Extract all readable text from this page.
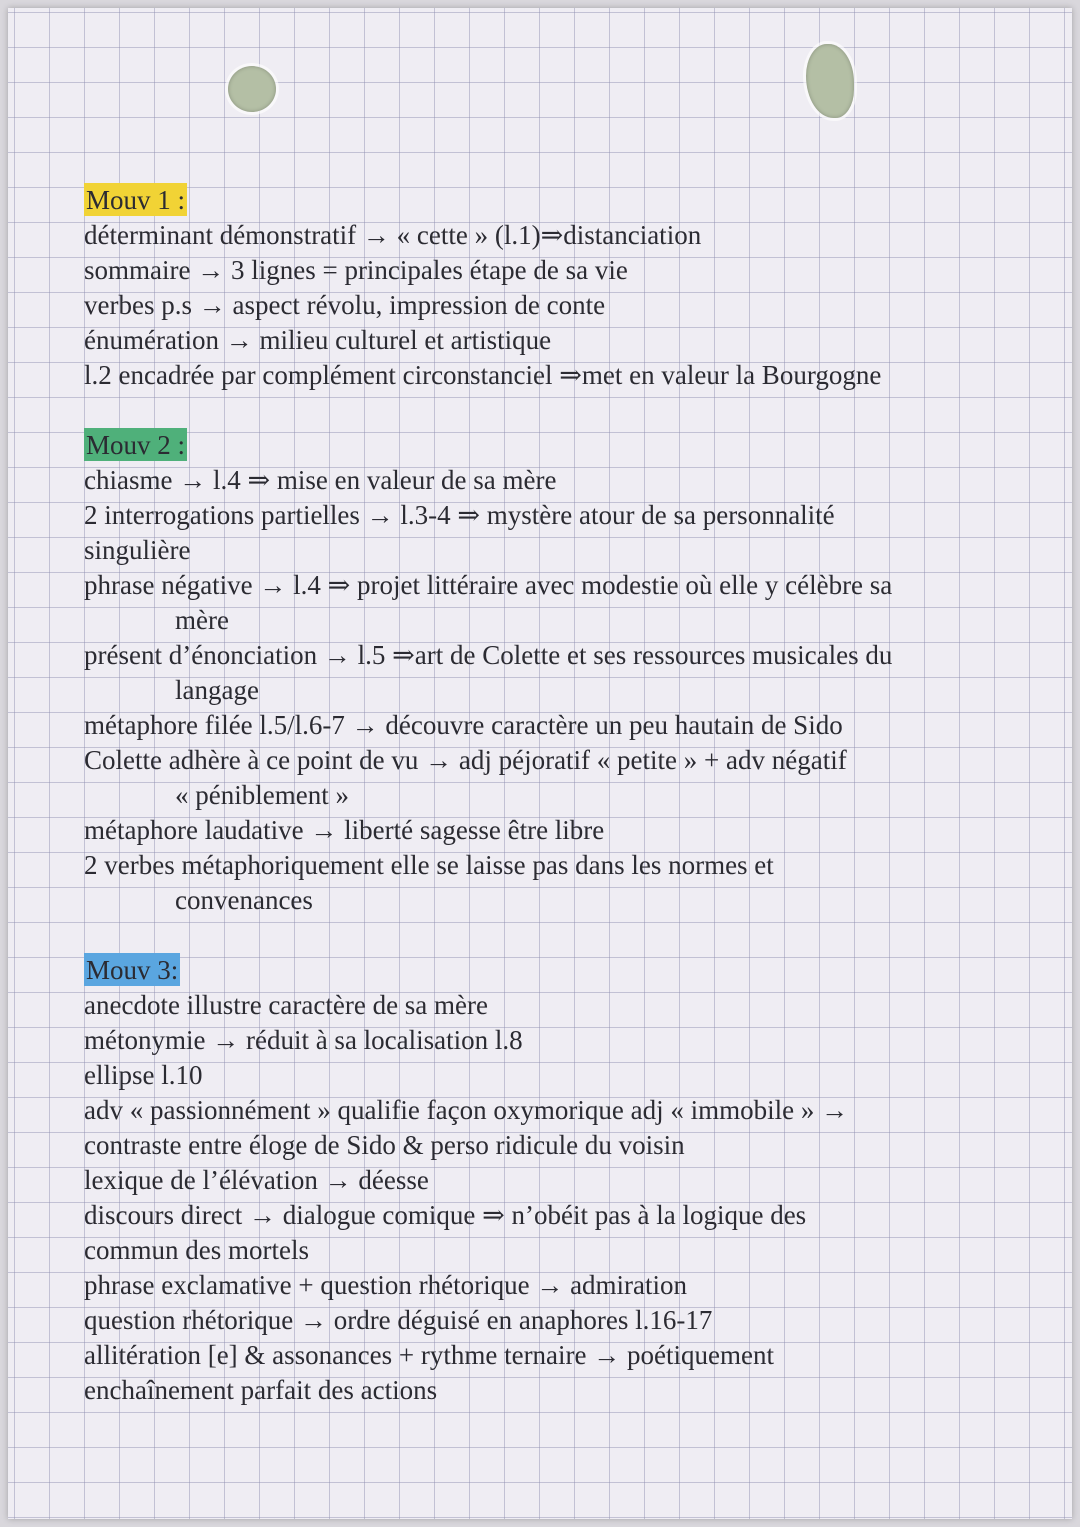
Mouv 1 :
déterminant démonstratif → « cette » (l.1)⇒distanciation
sommaire → 3 lignes = principales étape de sa vie
verbes p.s → aspect révolu, impression de conte
énumération → milieu culturel et artistique
l.2 encadrée par complément circonstanciel ⇒met en valeur la Bourgogne
Mouv 2 :
chiasme → l.4 ⇒ mise en valeur de sa mère
2 interrogations partielles → l.3-4 ⇒ mystère atour de sa personnalité
singulière
phrase négative → l.4 ⇒ projet littéraire avec modestie où elle y célèbre sa
mère
présent d’énonciation → l.5 ⇒art de Colette et ses ressources musicales du
langage
métaphore filée l.5/l.6-7 → découvre caractère un peu hautain de Sido
Colette adhère à ce point de vu → adj péjoratif « petite » + adv négatif
« péniblement »
métaphore laudative → liberté sagesse être libre
2 verbes métaphoriquement elle se laisse pas dans les normes et
convenances
Mouv 3:
anecdote illustre caractère de sa mère
métonymie → réduit à sa localisation l.8
ellipse l.10
adv « passionnément » qualifie façon oxymorique adj « immobile » →
contraste entre éloge de Sido & perso ridicule du voisin
lexique de l’élévation → déesse
discours direct → dialogue comique ⇒ n’obéit pas à la logique des
commun des mortels
phrase exclamative + question rhétorique → admiration
question rhétorique → ordre déguisé en anaphores l.16-17
allitération [e] & assonances + rythme ternaire → poétiquement
enchaînement parfait des actions
